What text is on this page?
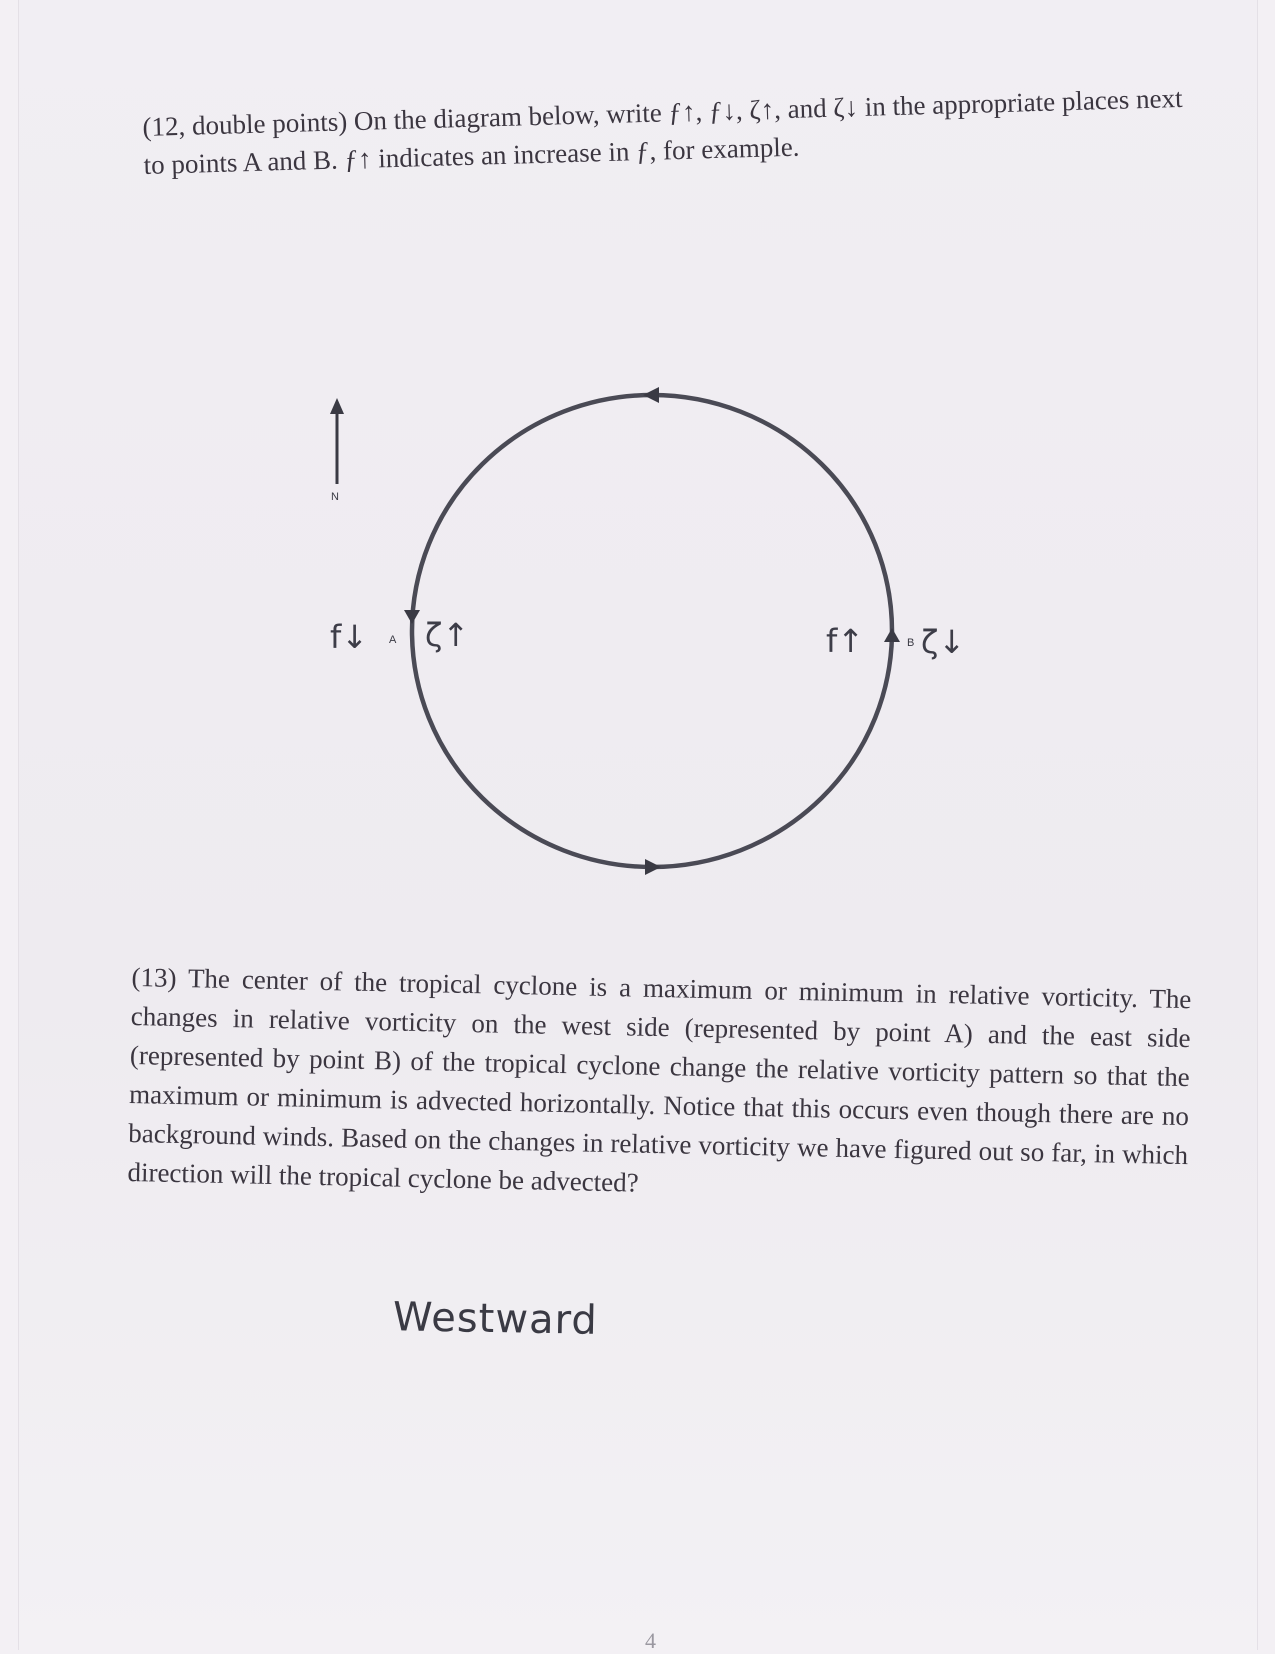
(12, double points) On the diagram below, write ƒ↑, ƒ↓, ζ↑, and ζ↓ in the appropriate places next to points A and B. ƒ↑ indicates an increase in ƒ, for example.
N
A	B
f↓ ζ↑	f↑ ζ↓
(13) The center of the tropical cyclone is a maximum or minimum in relative vorticity. The changes in relative vorticity on the west side (represented by point A) and the east side (represented by point B) of the tropical cyclone change the relative vorticity pattern so that the maximum or minimum is advected horizontally. Notice that this occurs even though there are no background winds. Based on the changes in relative vorticity we have figured out so far, in which direction will the tropical cyclone be advected?
Westward
4
